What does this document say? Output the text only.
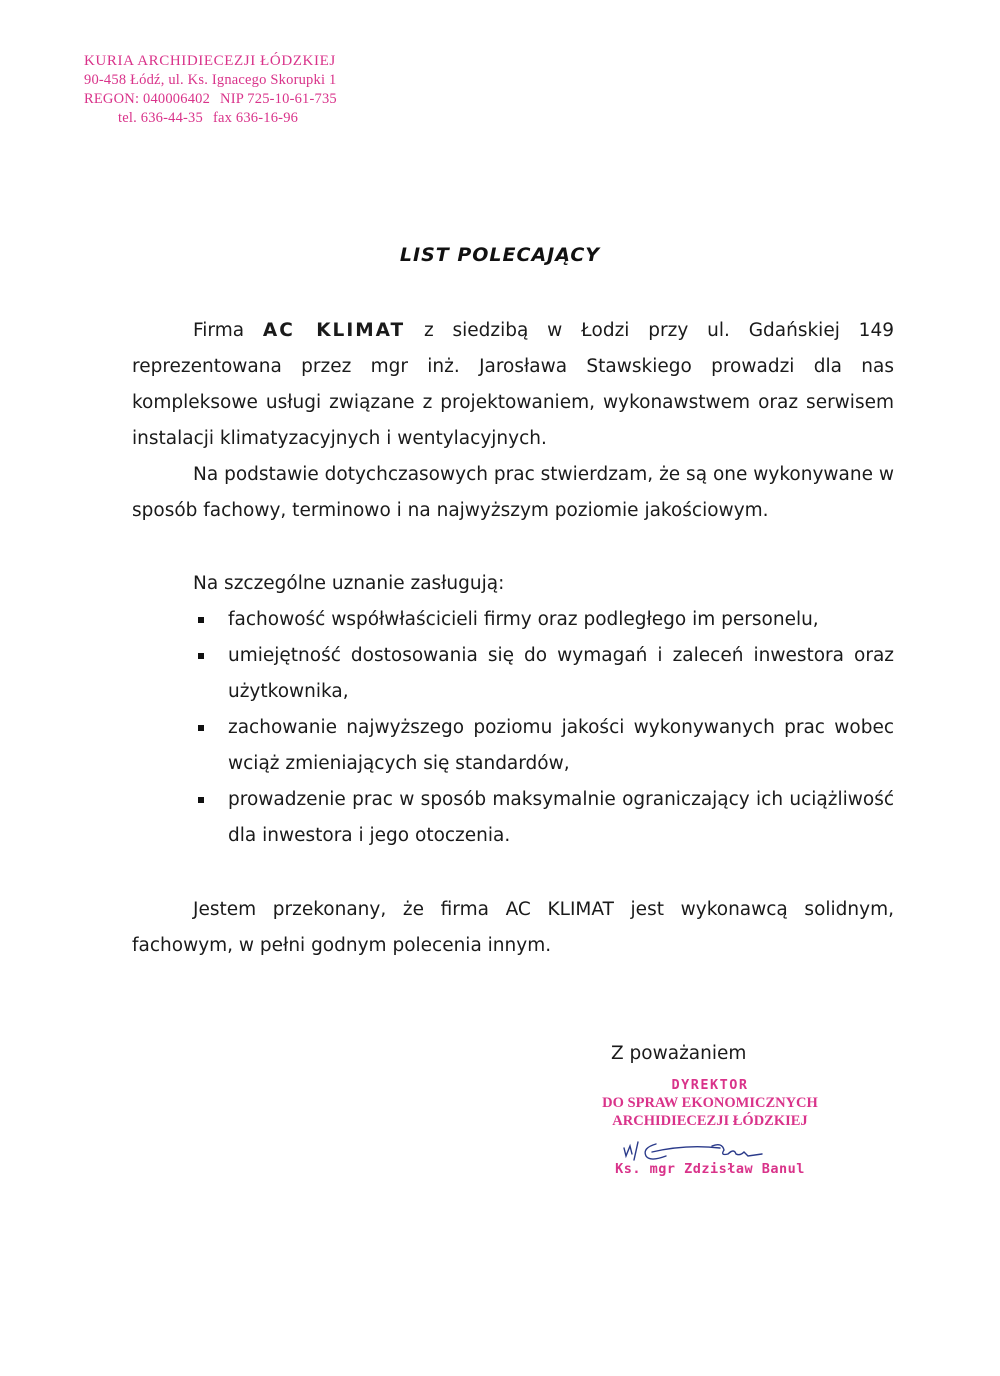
KURIA ARCHIDIECEZJI ŁÓDZKIEJ
90-458 Łódź, ul. Ks. Ignacego Skorupki 1
REGON: 040006402 NIP 725-10-61-735
tel. 636-44-35 fax 636-16-96
LIST POLECAJĄCY

Firma AC KLIMAT z siedzibą w Łodzi przy ul. Gdańskiej 149 reprezentowana przez mgr inż. Jarosława Stawskiego prowadzi dla nas kompleksowe usługi związane z projektowaniem, wykonawstwem oraz serwisem instalacji klimatyzacyjnych i wentylacyjnych.

Na podstawie dotychczasowych prac stwierdzam, że są one wykonywane w sposób fachowy, terminowo i na najwyższym poziomie jakościowym.

Na szczególne uznanie zasługują:

fachowość współwłaścicieli firmy oraz podległego im personelu,
umiejętność dostosowania się do wymagań i zaleceń inwestora oraz użytkownika,
zachowanie najwyższego poziomu jakości wykonywanych prac wobec wciąż zmieniających się standardów,
prowadzenie prac w sposób maksymalnie ograniczający ich uciążliwość dla inwestora i jego otoczenia.

Jestem przekonany, że firma AC KLIMAT jest wykonawcą solidnym, fachowym, w pełni godnym polecenia innym.

Z poważaniem
DYREKTOR
DO SPRAW EKONOMICZNYCH
ARCHIDIECEZJI ŁÓDZKIEJ
Ks. mgr Zdzisław Banul
